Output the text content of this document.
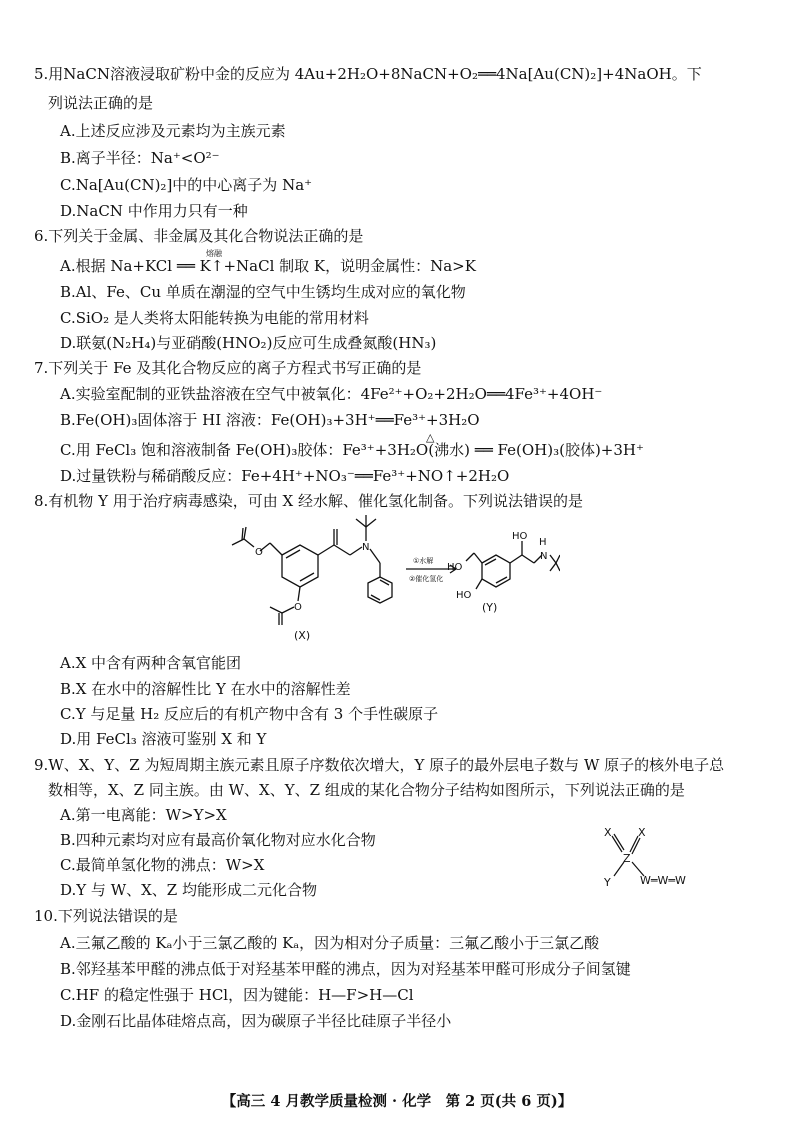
5.用NaCN溶液浸取矿粉中金的反应为 4Au+2H₂O+8NaCN+O₂══4Na[Au(CN)₂]+4NaOH。下
列说法正确的是
A.上述反应涉及元素均为主族元素
B.离子半径：Na⁺<O²⁻
C.Na[Au(CN)₂]中的中心离子为 Na⁺
D.NaCN 中作用力只有一种
6.下列关于金属、非金属及其化合物说法正确的是
A.根据 Na+KCl ══ K↑+NaCl 制取 K，说明金属性：Na>K
熔融
B.Al、Fe、Cu 单质在潮湿的空气中生锈均生成对应的氧化物
C.SiO₂ 是人类将太阳能转换为电能的常用材料
D.联氨(N₂H₄)与亚硝酸(HNO₂)反应可生成叠氮酸(HN₃)
7.下列关于 Fe 及其化合物反应的离子方程式书写正确的是
A.实验室配制的亚铁盐溶液在空气中被氧化：4Fe²⁺+O₂+2H₂O══4Fe³⁺+4OH⁻
B.Fe(OH)₃固体溶于 HI 溶液：Fe(OH)₃+3H⁺══Fe³⁺+3H₂O
C.用 FeCl₃ 饱和溶液制备 Fe(OH)₃胶体：Fe³⁺+3H₂O(沸水) ══ Fe(OH)₃(胶体)+3H⁺
△
D.过量铁粉与稀硝酸反应：Fe+4H⁺+NO₃⁻══Fe³⁺+NO↑+2H₂O
8.有机物 Y 用于治疗病毒感染，可由 X 经水解、催化氢化制备。下列说法错误的是
O
O
N
①水解
②催化氢化
HO
HO
HO
H
N
(X)
(Y)
A.X 中含有两种含氧官能团
B.X 在水中的溶解性比 Y 在水中的溶解性差
C.Y 与足量 H₂ 反应后的有机产物中含有 3 个手性碳原子
D.用 FeCl₃ 溶液可鉴别 X 和 Y
9.W、X、Y、Z 为短周期主族元素且原子序数依次增大，Y 原子的最外层电子数与 W 原子的核外电子总
数相等，X、Z 同主族。由 W、X、Y、Z 组成的某化合物分子结构如图所示，下列说法正确的是
A.第一电离能：W>Y>X
B.四种元素均对应有最高价氧化物对应水化合物
C.最简单氢化物的沸点：W>X
D.Y 与 W、X、Z 均能形成二元化合物
X X
Z
Y	W═W═W
10.下列说法错误的是
A.三氟乙酸的 Kₐ小于三氯乙酸的 Kₐ，因为相对分子质量：三氟乙酸小于三氯乙酸
B.邻羟基苯甲醛的沸点低于对羟基苯甲醛的沸点，因为对羟基苯甲醛可形成分子间氢键
C.HF 的稳定性强于 HCl，因为键能：H—F>H—Cl
D.金刚石比晶体硅熔点高，因为碳原子半径比硅原子半径小
【高三 4 月教学质量检测 · 化学　第 2 页(共 6 页)】
